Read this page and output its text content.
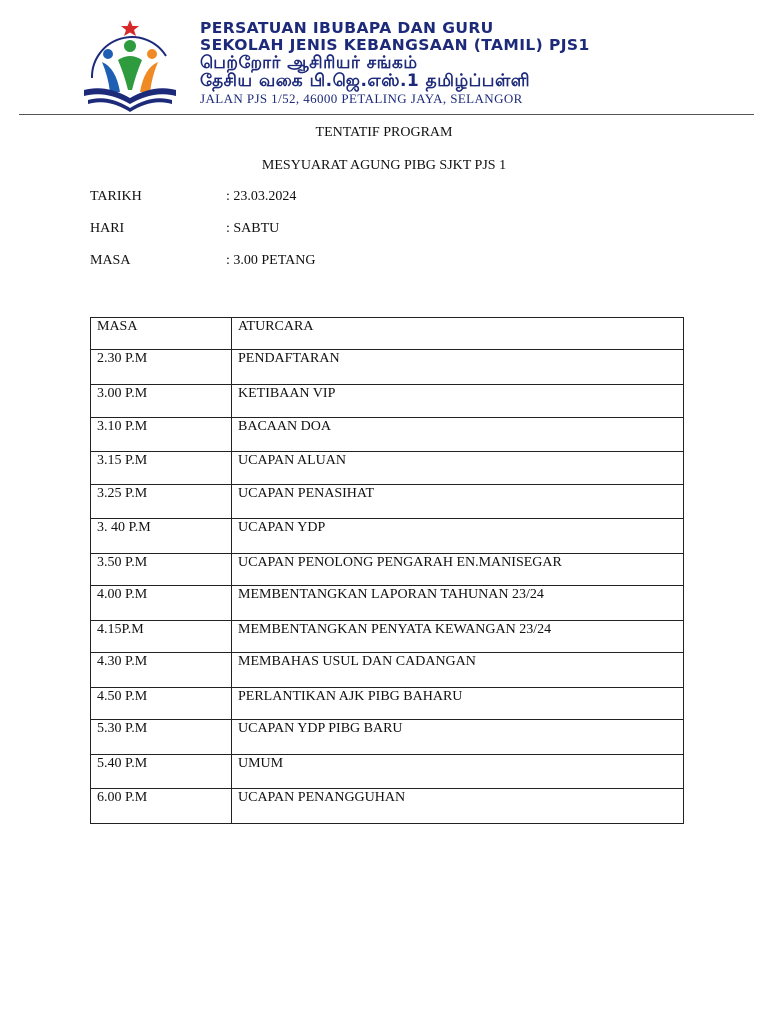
PERSATUAN IBUBAPA DAN GURU
SEKOLAH JENIS KEBANGSAAN (TAMIL) PJS1
பெற்றோர் ஆசிரியர் சங்கம்
தேசிய வகை பி.ஜெ.எஸ்.1 தமிழ்ப்பள்ளி
JALAN PJS 1/52, 46000 PETALING JAYA, SELANGOR
TENTATIF PROGRAM
MESYUARAT AGUNG PIBG SJKT PJS 1
TARIKH	: 23.03.2024
HARI	: SABTU
MASA	: 3.00 PETANG
MASA	ATURCARA
2.30 P.M	PENDAFTARAN
3.00 P.M	KETIBAAN VIP
3.10 P.M	BACAAN DOA
3.15 P.M	UCAPAN ALUAN
3.25 P.M	UCAPAN PENASIHAT
3. 40 P.M	UCAPAN YDP
3.50 P.M	UCAPAN PENOLONG PENGARAH EN.MANISEGAR
4.00 P.M	MEMBENTANGKAN LAPORAN TAHUNAN 23/24
4.15P.M	MEMBENTANGKAN PENYATA KEWANGAN 23/24
4.30 P.M	MEMBAHAS USUL DAN CADANGAN
4.50 P.M	PERLANTIKAN AJK PIBG BAHARU
5.30 P.M	UCAPAN YDP PIBG BARU
5.40 P.M	UMUM
6.00 P.M	UCAPAN PENANGGUHAN
